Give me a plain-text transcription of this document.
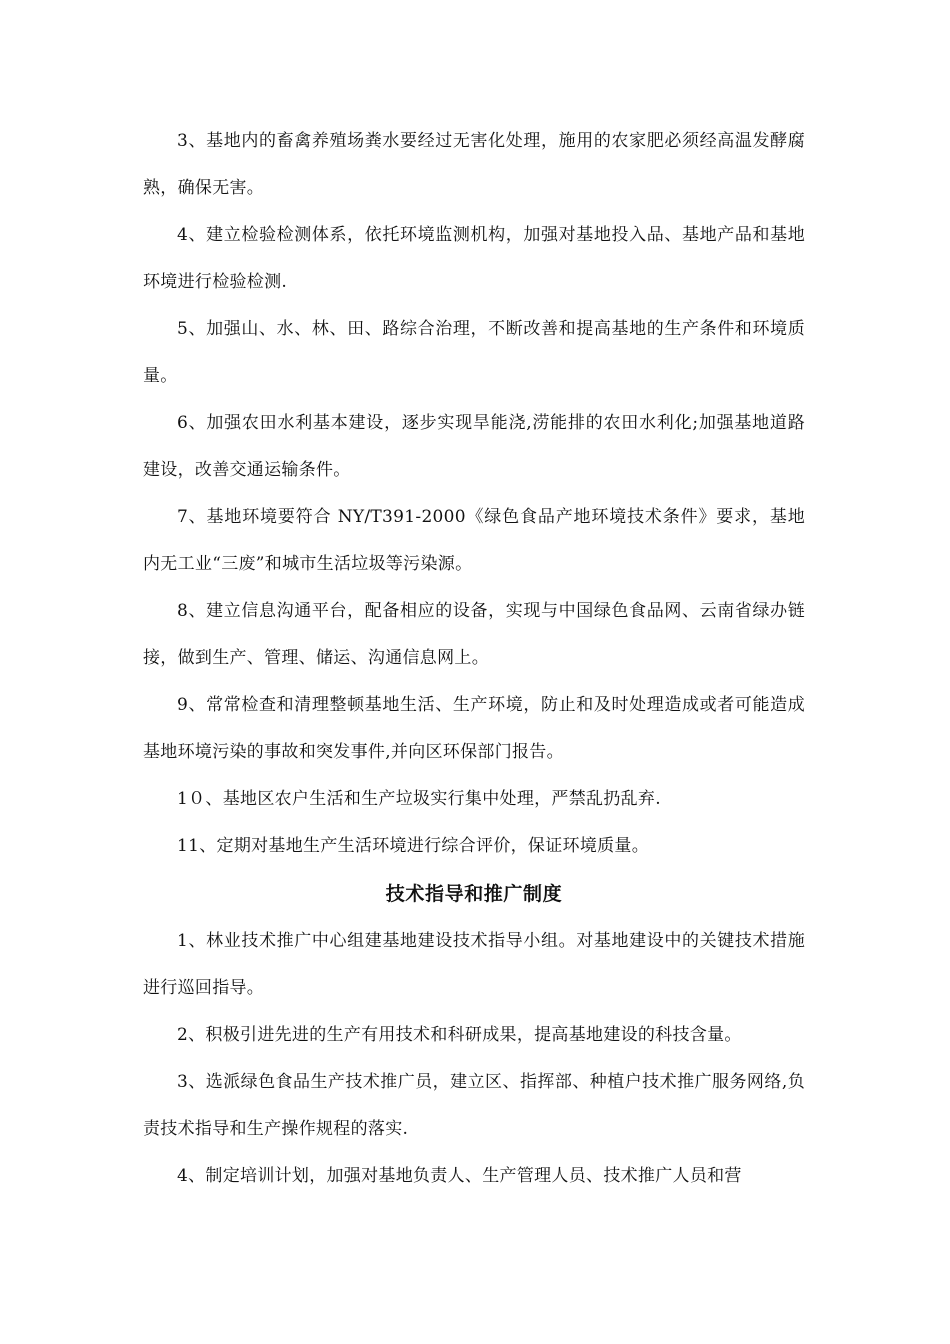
3、基地内的畜禽养殖场粪水要经过无害化处理，施用的农家肥必须经高温发酵腐熟，确保无害。

4、建立检验检测体系，依托环境监测机构，加强对基地投入品、基地产品和基地环境进行检验检测.

5、加强山、水、林、田、路综合治理，不断改善和提高基地的生产条件和环境质量。

6、加强农田水利基本建设，逐步实现旱能浇,涝能排的农田水利化;加强基地道路建设，改善交通运输条件。

7、基地环境要符合 NY/T391-2000《绿色食品产地环境技术条件》要求，基地内无工业“三废”和城市生活垃圾等污染源。

8、建立信息沟通平台，配备相应的设备，实现与中国绿色食品网、云南省绿办链接，做到生产、管理、储运、沟通信息网上。

9、常常检查和清理整顿基地生活、生产环境，防止和及时处理造成或者可能造成基地环境污染的事故和突发事件,并向区环保部门报告。

1０、基地区农户生活和生产垃圾实行集中处理，严禁乱扔乱弃.

11、定期对基地生产生活环境进行综合评价，保证环境质量。

技术指导和推广制度

1、林业技术推广中心组建基地建设技术指导小组。对基地建设中的关键技术措施进行巡回指导。

2、积极引进先进的生产有用技术和科研成果，提高基地建设的科技含量。

3、选派绿色食品生产技术推广员，建立区、指挥部、种植户技术推广服务网络,负责技术指导和生产操作规程的落实.

4、制定培训计划，加强对基地负责人、生产管理人员、技术推广人员和营
